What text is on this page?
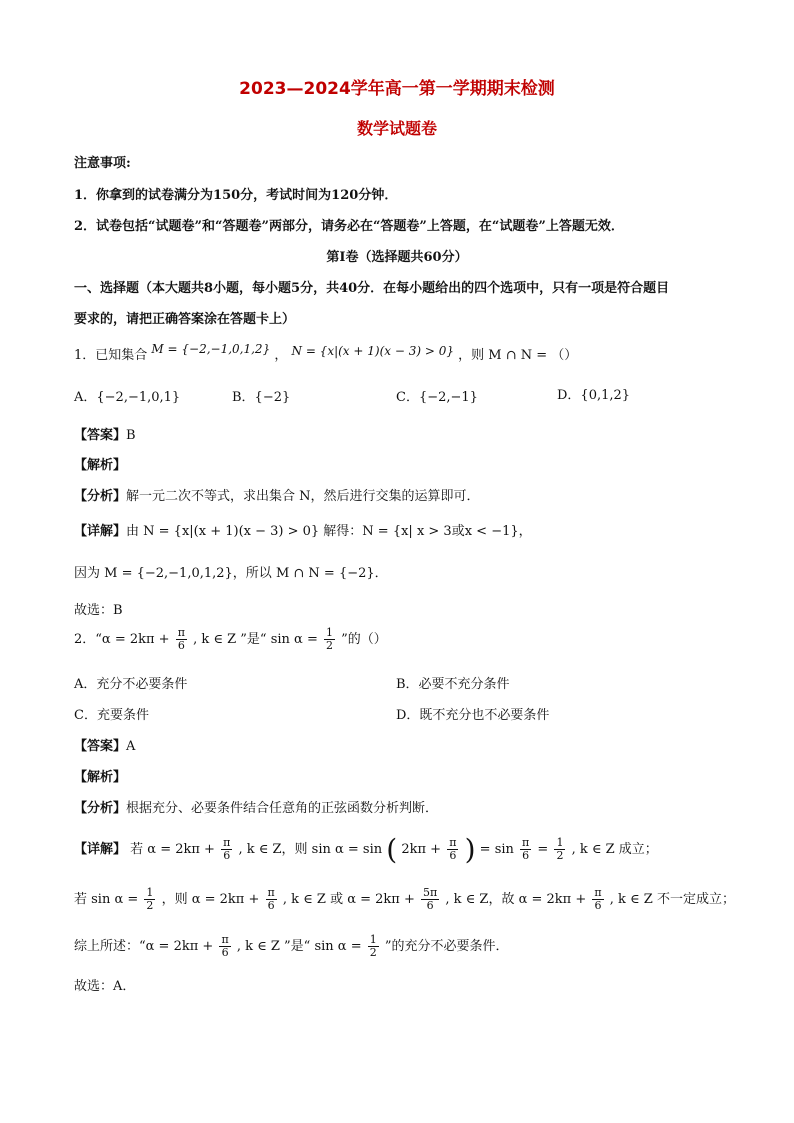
2023—2024学年高一第一学期期末检测
数学试题卷
注意事项:
1．你拿到的试卷满分为150分，考试时间为120分钟．
2．试卷包括“试题卷”和“答题卷”两部分，请务必在“答题卷”上答题，在“试题卷”上答题无效．
第Ⅰ卷（选择题共60分）
一、选择题（本大题共8小题，每小题5分，共40分．在每小题给出的四个选项中，只有一项是符合题目
要求的，请把正确答案涂在答题卡上）
1．已知集合 M = {−2,−1,0,1,2} ， N = {x|(x + 1)(x − 3) > 0} ，则 M ∩ N = （）
A．{−2,−1,0,1}	B．{−2}	C．{−2,−1}	D．{0,1,2}
【答案】B
【解析】
【分析】解一元二次不等式，求出集合 N，然后进行交集的运算即可．
【详解】由 N = {x|(x + 1)(x − 3) > 0} 解得：N = {x| x > 3或x < −1}，
因为 M = {−2,−1,0,1,2}，所以 M ∩ N = {−2}．
故选：B
2．“$\alpha = 2k\pi + \frac{\pi}{6}$ , k ∈ Z ”是“ $\sin \alpha = \frac{1}{2}$ ”的（）
A．充分不必要条件	B．必要不充分条件
C．充要条件	D．既不充分也不必要条件
【答案】A
【解析】
【分析】根据充分、必要条件结合任意角的正弦函数分析判断．
【详解】 若 $\alpha = 2k\pi + \frac{\pi}{6}$ , k ∈ Z，则 sin α = sin ( $2k\pi + \frac{\pi}{6}$ ) = $\sin \frac{\pi}{6} = \frac{1}{2}$ , k ∈ Z 成立；
若 $\sin \alpha = \frac{1}{2}$ ，则 $\alpha = 2k\pi + \frac{\pi}{6}$ , k ∈ Z 或 $\alpha = 2k\pi + \frac{5\pi}{6}$ , k ∈ Z，故 $\alpha = 2k\pi + \frac{\pi}{6}$ , k ∈ Z 不一定成立；
综上所述：“$\alpha = 2k\pi + \frac{\pi}{6}$ , k ∈ Z ”是“ $\sin \alpha = \frac{1}{2}$ ”的充分不必要条件．
故选：A．
